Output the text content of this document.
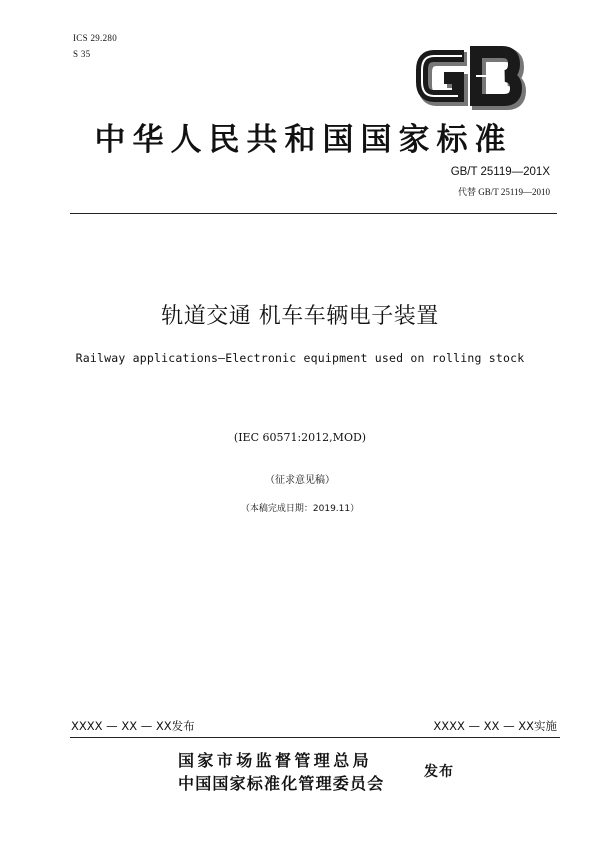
ICS 29.280
S 35
中华人民共和国国家标准
GB/T 25119—201X
代替 GB/T 25119—2010
轨道交通 机车车辆电子装置
Railway applications—Electronic equipment used on rolling stock
(IEC 60571:2012,MOD)
（征求意见稿）
（本稿完成日期：2019.11）
XXXX — XX — XX发布	XXXX — XX — XX实施
国家市场监督管理总局
中国国家标准化管理委员会
发布
